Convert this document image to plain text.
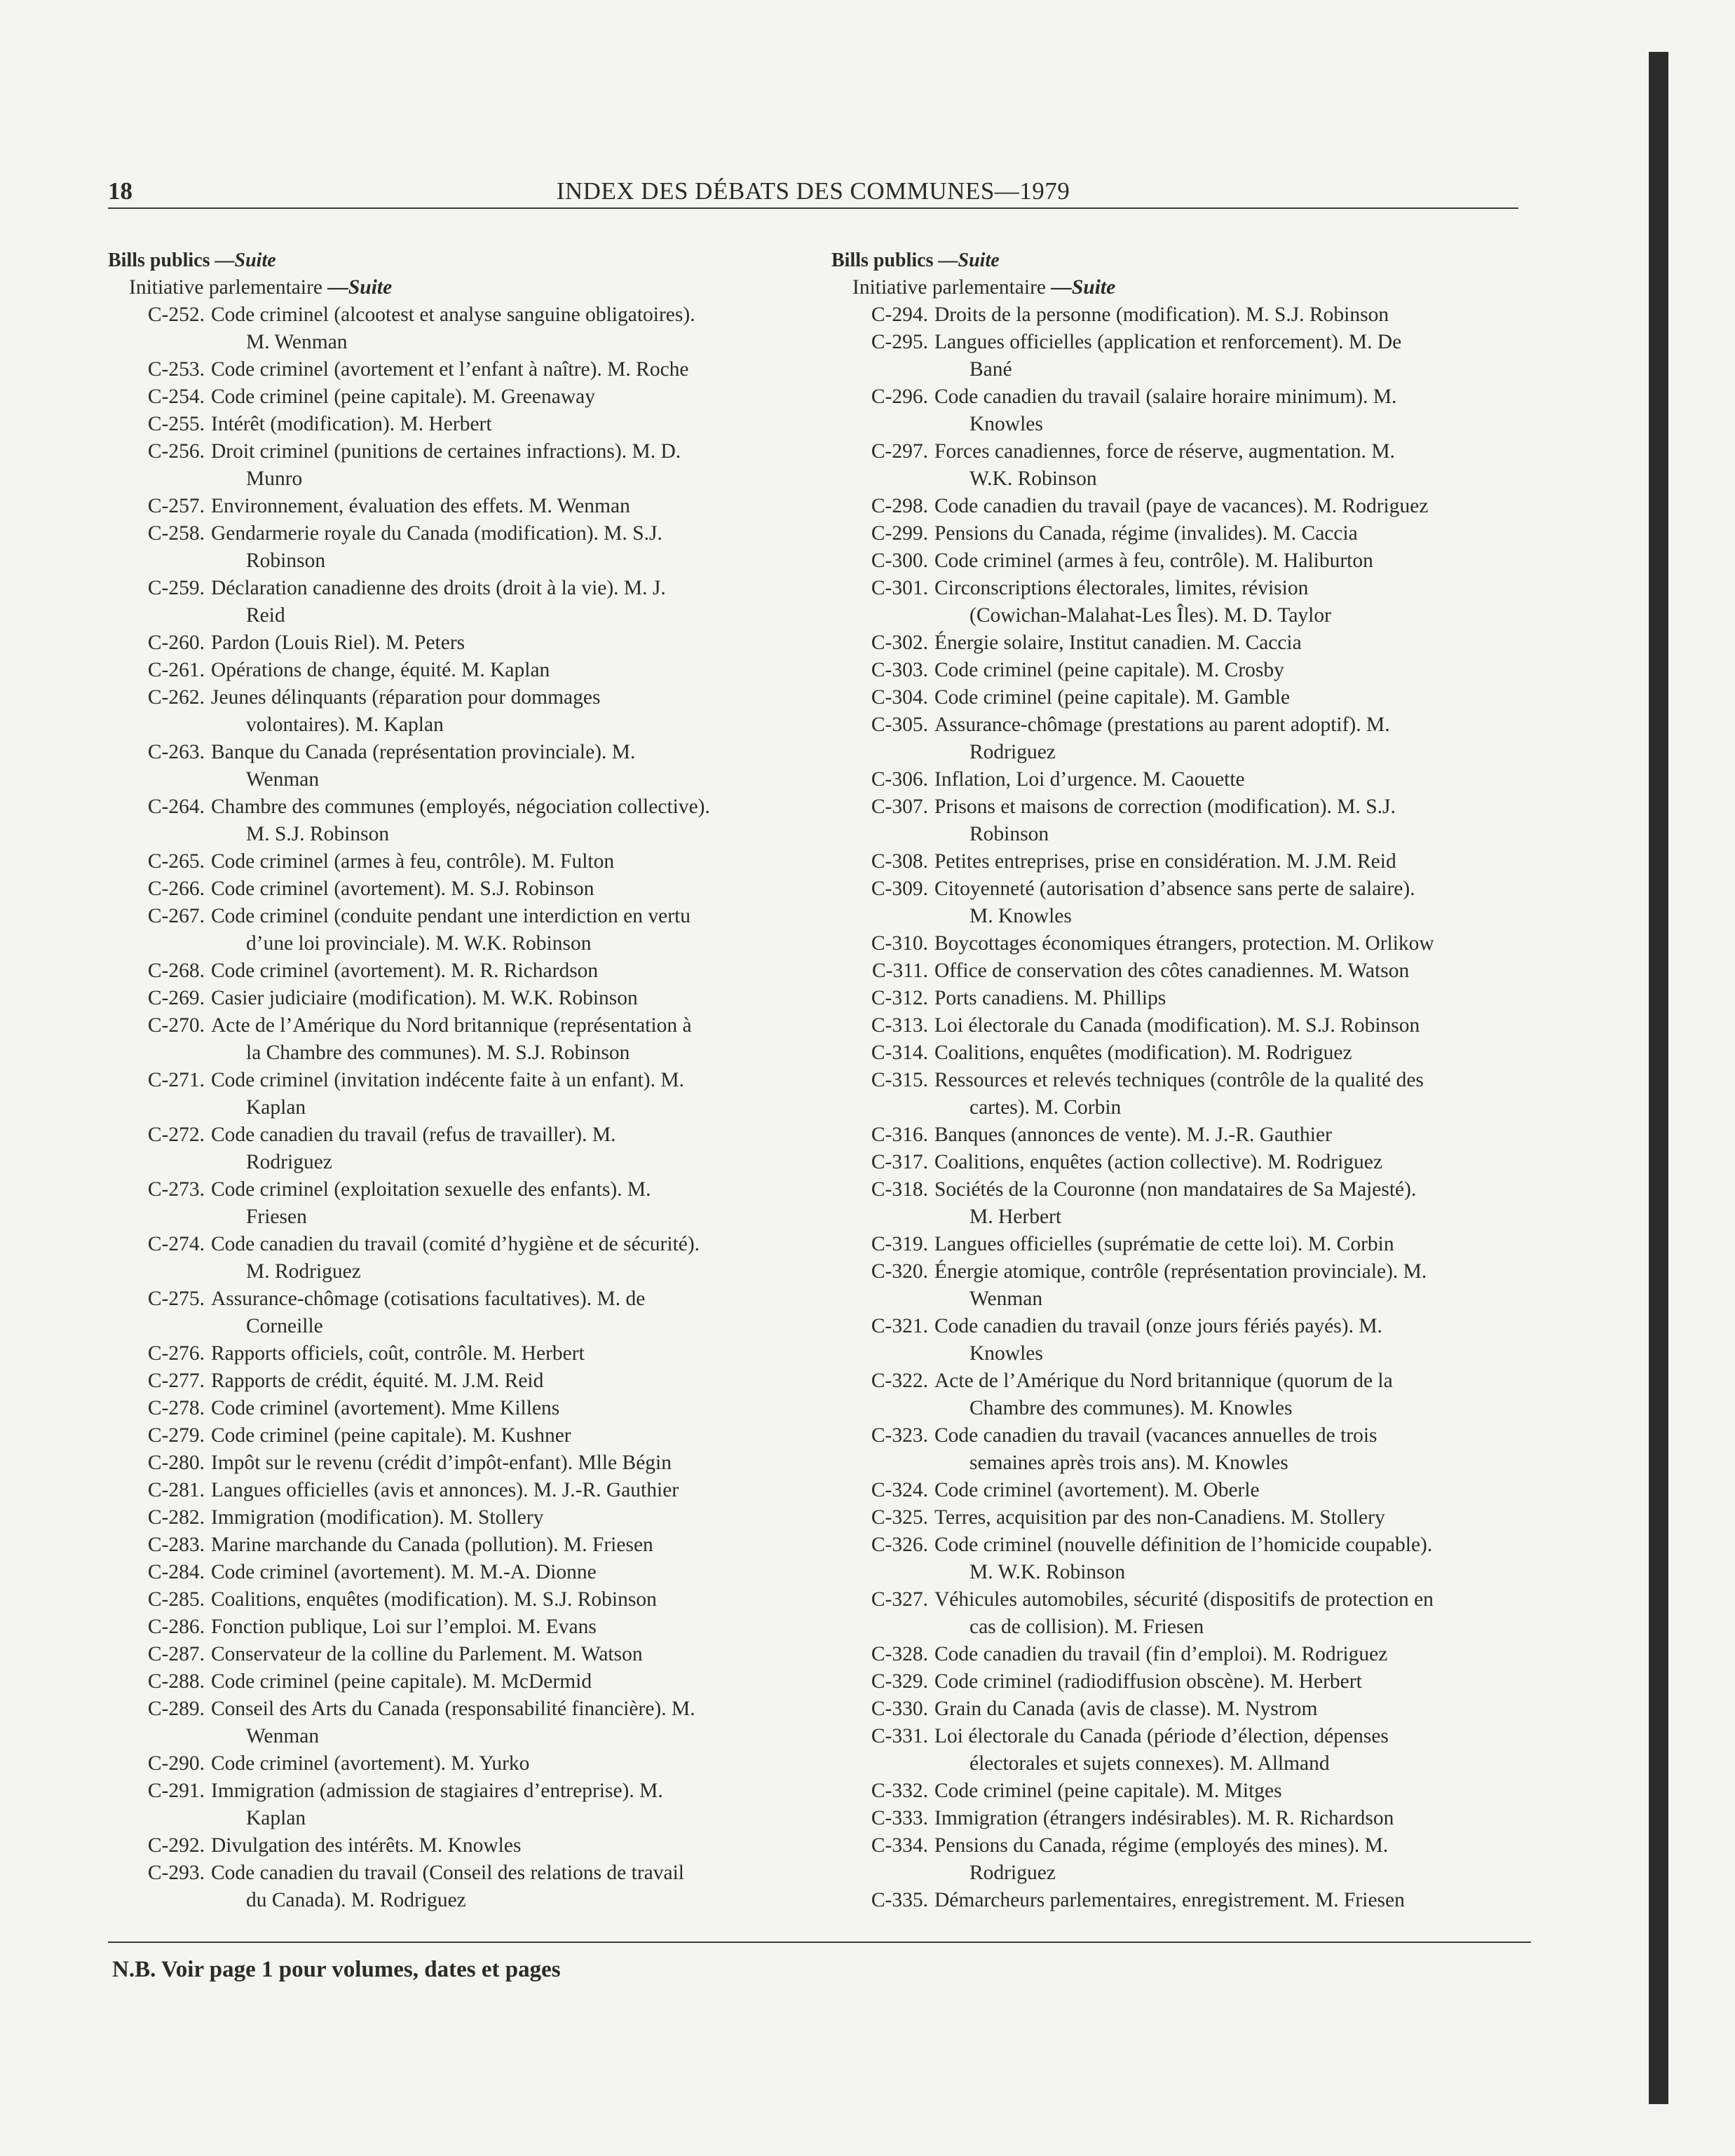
18	INDEX DES DÉBATS DES COMMUNES—1979
Bills publics —Suite
Initiative parlementaire —Suite
C-252. Code criminel (alcootest et analyse sanguine obligatoires).
M. Wenman
C-253. Code criminel (avortement et l’enfant à naître). M. Roche
C-254. Code criminel (peine capitale). M. Greenaway
C-255. Intérêt (modification). M. Herbert
C-256. Droit criminel (punitions de certaines infractions). M. D.
Munro
C-257. Environnement, évaluation des effets. M. Wenman
C-258. Gendarmerie royale du Canada (modification). M. S.J.
Robinson
C-259. Déclaration canadienne des droits (droit à la vie). M. J.
Reid
C-260. Pardon (Louis Riel). M. Peters
C-261. Opérations de change, équité. M. Kaplan
C-262. Jeunes délinquants (réparation pour dommages
volontaires). M. Kaplan
C-263. Banque du Canada (représentation provinciale). M.
Wenman
C-264. Chambre des communes (employés, négociation collective).
M. S.J. Robinson
C-265. Code criminel (armes à feu, contrôle). M. Fulton
C-266. Code criminel (avortement). M. S.J. Robinson
C-267. Code criminel (conduite pendant une interdiction en vertu
d’une loi provinciale). M. W.K. Robinson
C-268. Code criminel (avortement). M. R. Richardson
C-269. Casier judiciaire (modification). M. W.K. Robinson
C-270. Acte de l’Amérique du Nord britannique (représentation à
la Chambre des communes). M. S.J. Robinson
C-271. Code criminel (invitation indécente faite à un enfant). M.
Kaplan
C-272. Code canadien du travail (refus de travailler). M.
Rodriguez
C-273. Code criminel (exploitation sexuelle des enfants). M.
Friesen
C-274. Code canadien du travail (comité d’hygiène et de sécurité).
M. Rodriguez
C-275. Assurance-chômage (cotisations facultatives). M. de
Corneille
C-276. Rapports officiels, coût, contrôle. M. Herbert
C-277. Rapports de crédit, équité. M. J.M. Reid
C-278. Code criminel (avortement). Mme Killens
C-279. Code criminel (peine capitale). M. Kushner
C-280. Impôt sur le revenu (crédit d’impôt-enfant). Mlle Bégin
C-281. Langues officielles (avis et annonces). M. J.-R. Gauthier
C-282. Immigration (modification). M. Stollery
C-283. Marine marchande du Canada (pollution). M. Friesen
C-284. Code criminel (avortement). M. M.-A. Dionne
C-285. Coalitions, enquêtes (modification). M. S.J. Robinson
C-286. Fonction publique, Loi sur l’emploi. M. Evans
C-287. Conservateur de la colline du Parlement. M. Watson
C-288. Code criminel (peine capitale). M. McDermid
C-289. Conseil des Arts du Canada (responsabilité financière). M.
Wenman
C-290. Code criminel (avortement). M. Yurko
C-291. Immigration (admission de stagiaires d’entreprise). M.
Kaplan
C-292. Divulgation des intérêts. M. Knowles
C-293. Code canadien du travail (Conseil des relations de travail
du Canada). M. Rodriguez
Bills publics —Suite
Initiative parlementaire —Suite
C-294. Droits de la personne (modification). M. S.J. Robinson
C-295. Langues officielles (application et renforcement). M. De
Bané
C-296. Code canadien du travail (salaire horaire minimum). M.
Knowles
C-297. Forces canadiennes, force de réserve, augmentation. M.
W.K. Robinson
C-298. Code canadien du travail (paye de vacances). M. Rodriguez
C-299. Pensions du Canada, régime (invalides). M. Caccia
C-300. Code criminel (armes à feu, contrôle). M. Haliburton
C-301. Circonscriptions électorales, limites, révision
(Cowichan-Malahat-Les Îles). M. D. Taylor
C-302. Énergie solaire, Institut canadien. M. Caccia
C-303. Code criminel (peine capitale). M. Crosby
C-304. Code criminel (peine capitale). M. Gamble
C-305. Assurance-chômage (prestations au parent adoptif). M.
Rodriguez
C-306. Inflation, Loi d’urgence. M. Caouette
C-307. Prisons et maisons de correction (modification). M. S.J.
Robinson
C-308. Petites entreprises, prise en considération. M. J.M. Reid
C-309. Citoyenneté (autorisation d’absence sans perte de salaire).
M. Knowles
C-310. Boycottages économiques étrangers, protection. M. Orlikow
C-311. Office de conservation des côtes canadiennes. M. Watson
C-312. Ports canadiens. M. Phillips
C-313. Loi électorale du Canada (modification). M. S.J. Robinson
C-314. Coalitions, enquêtes (modification). M. Rodriguez
C-315. Ressources et relevés techniques (contrôle de la qualité des
cartes). M. Corbin
C-316. Banques (annonces de vente). M. J.-R. Gauthier
C-317. Coalitions, enquêtes (action collective). M. Rodriguez
C-318. Sociétés de la Couronne (non mandataires de Sa Majesté).
M. Herbert
C-319. Langues officielles (suprématie de cette loi). M. Corbin
C-320. Énergie atomique, contrôle (représentation provinciale). M.
Wenman
C-321. Code canadien du travail (onze jours fériés payés). M.
Knowles
C-322. Acte de l’Amérique du Nord britannique (quorum de la
Chambre des communes). M. Knowles
C-323. Code canadien du travail (vacances annuelles de trois
semaines après trois ans). M. Knowles
C-324. Code criminel (avortement). M. Oberle
C-325. Terres, acquisition par des non-Canadiens. M. Stollery
C-326. Code criminel (nouvelle définition de l’homicide coupable).
M. W.K. Robinson
C-327. Véhicules automobiles, sécurité (dispositifs de protection en
cas de collision). M. Friesen
C-328. Code canadien du travail (fin d’emploi). M. Rodriguez
C-329. Code criminel (radiodiffusion obscène). M. Herbert
C-330. Grain du Canada (avis de classe). M. Nystrom
C-331. Loi électorale du Canada (période d’élection, dépenses
électorales et sujets connexes). M. Allmand
C-332. Code criminel (peine capitale). M. Mitges
C-333. Immigration (étrangers indésirables). M. R. Richardson
C-334. Pensions du Canada, régime (employés des mines). M.
Rodriguez
C-335. Démarcheurs parlementaires, enregistrement. M. Friesen
N.B. Voir page 1 pour volumes, dates et pages
